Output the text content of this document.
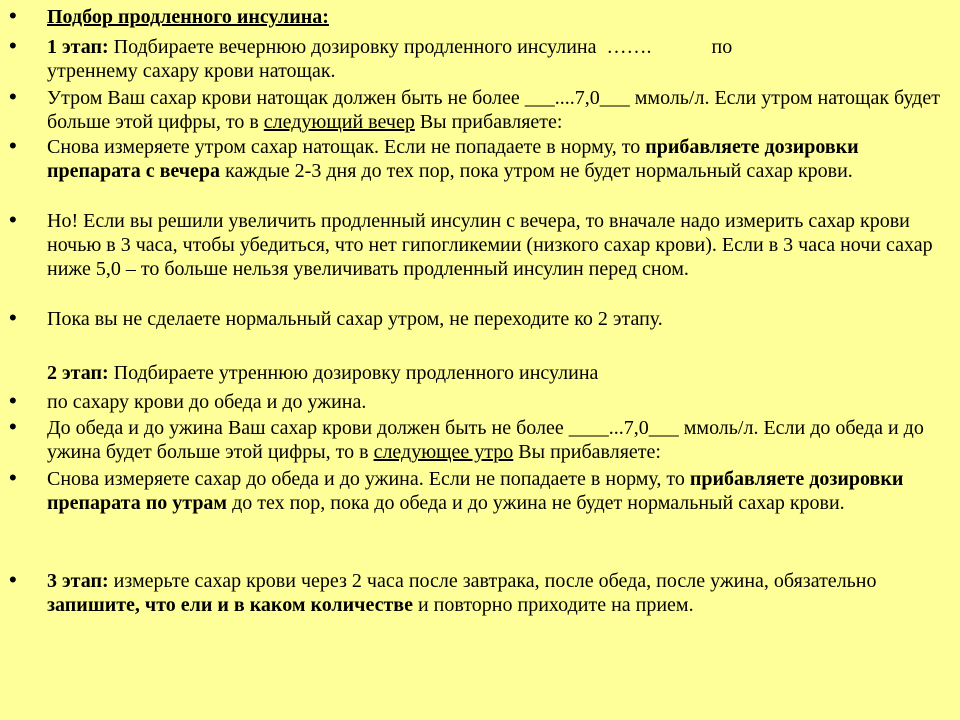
• Подбор продленного инсулина:
• 1 этап: Подбираете вечернюю дозировку продленного инсулина  …….            по
утреннему сахару крови натощак.
• Утром Ваш сахар крови натощак должен быть не более ___....7,0___ ммоль/л. Если утром натощак будет больше этой цифры, то в следующий вечер Вы прибавляете:
• Снова измеряете утром сахар натощак. Если не попадаете в норму, то прибавляете дозировки препарата с вечера каждые 2-3 дня до тех пор, пока утром не будет нормальный сахар крови.
• Но! Если вы решили увеличить продленный инсулин с вечера, то вначале надо измерить сахар крови ночью в 3 часа, чтобы убедиться, что нет гипогликемии (низкого сахар крови). Если в 3 часа ночи сахар ниже 5,0 – то больше нельзя увеличивать продленный инсулин перед сном.
• Пока вы не сделаете нормальный сахар утром, не переходите ко 2 этапу.
2 этап: Подбираете утреннюю дозировку продленного инсулина
• по сахару крови до обеда и до ужина.
• До обеда и до ужина Ваш сахар крови должен быть не более ____...7,0___ ммоль/л. Если до обеда и до ужина будет больше этой цифры, то в следующее утро Вы прибавляете:
• Снова измеряете сахар до обеда и до ужина. Если не попадаете в норму, то прибавляете дозировки препарата по утрам до тех пор, пока до обеда и до ужина не будет нормальный сахар крови.
• 3 этап: измерьте сахар крови через 2 часа после завтрака, после обеда, после ужина, обязательно запишите, что ели и в каком количестве и повторно приходите на прием.
